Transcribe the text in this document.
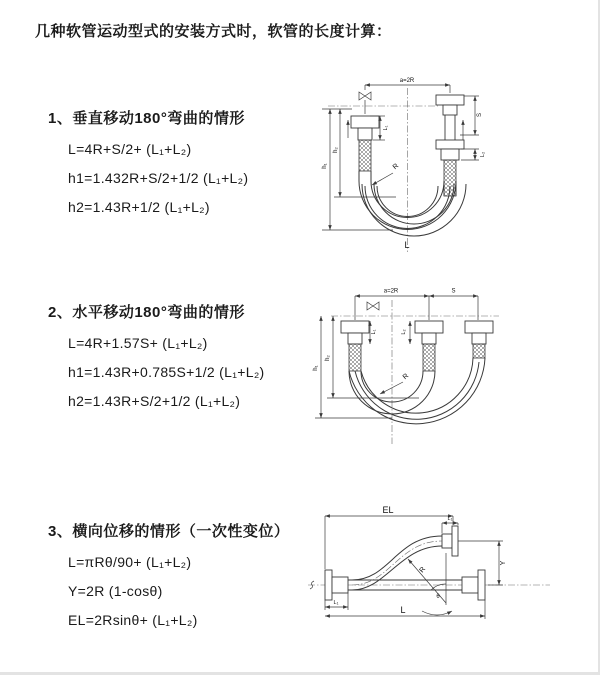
几种软管运动型式的安装方式时，软管的长度计算：
1、垂直移动180°弯曲的情形
L=4R+S/2+ (L₁+L₂)
h1=1.432R+S/2+1/2 (L₁+L₂)
h2=1.43R+1/2 (L₁+L₂)
2、水平移动180°弯曲的情形
L=4R+1.57S+ (L₁+L₂)
h1=1.43R+0.785S+1/2 (L₁+L₂)
h2=1.43R+S/2+1/2 (L₁+L₂)
3、横向位移的情形（一次性变位）
L=πRθ/90+ (L₁+L₂)
Y=2R (1-cosθ)
EL=2Rsinθ+ (L₁+L₂)
a=2R
h₁
h₂
S
L₂
L₁
R
L
a=2R	S
h₁
h₂
L₁	L₂
R
EL
L₁
Y
R
θ
L₁
L
